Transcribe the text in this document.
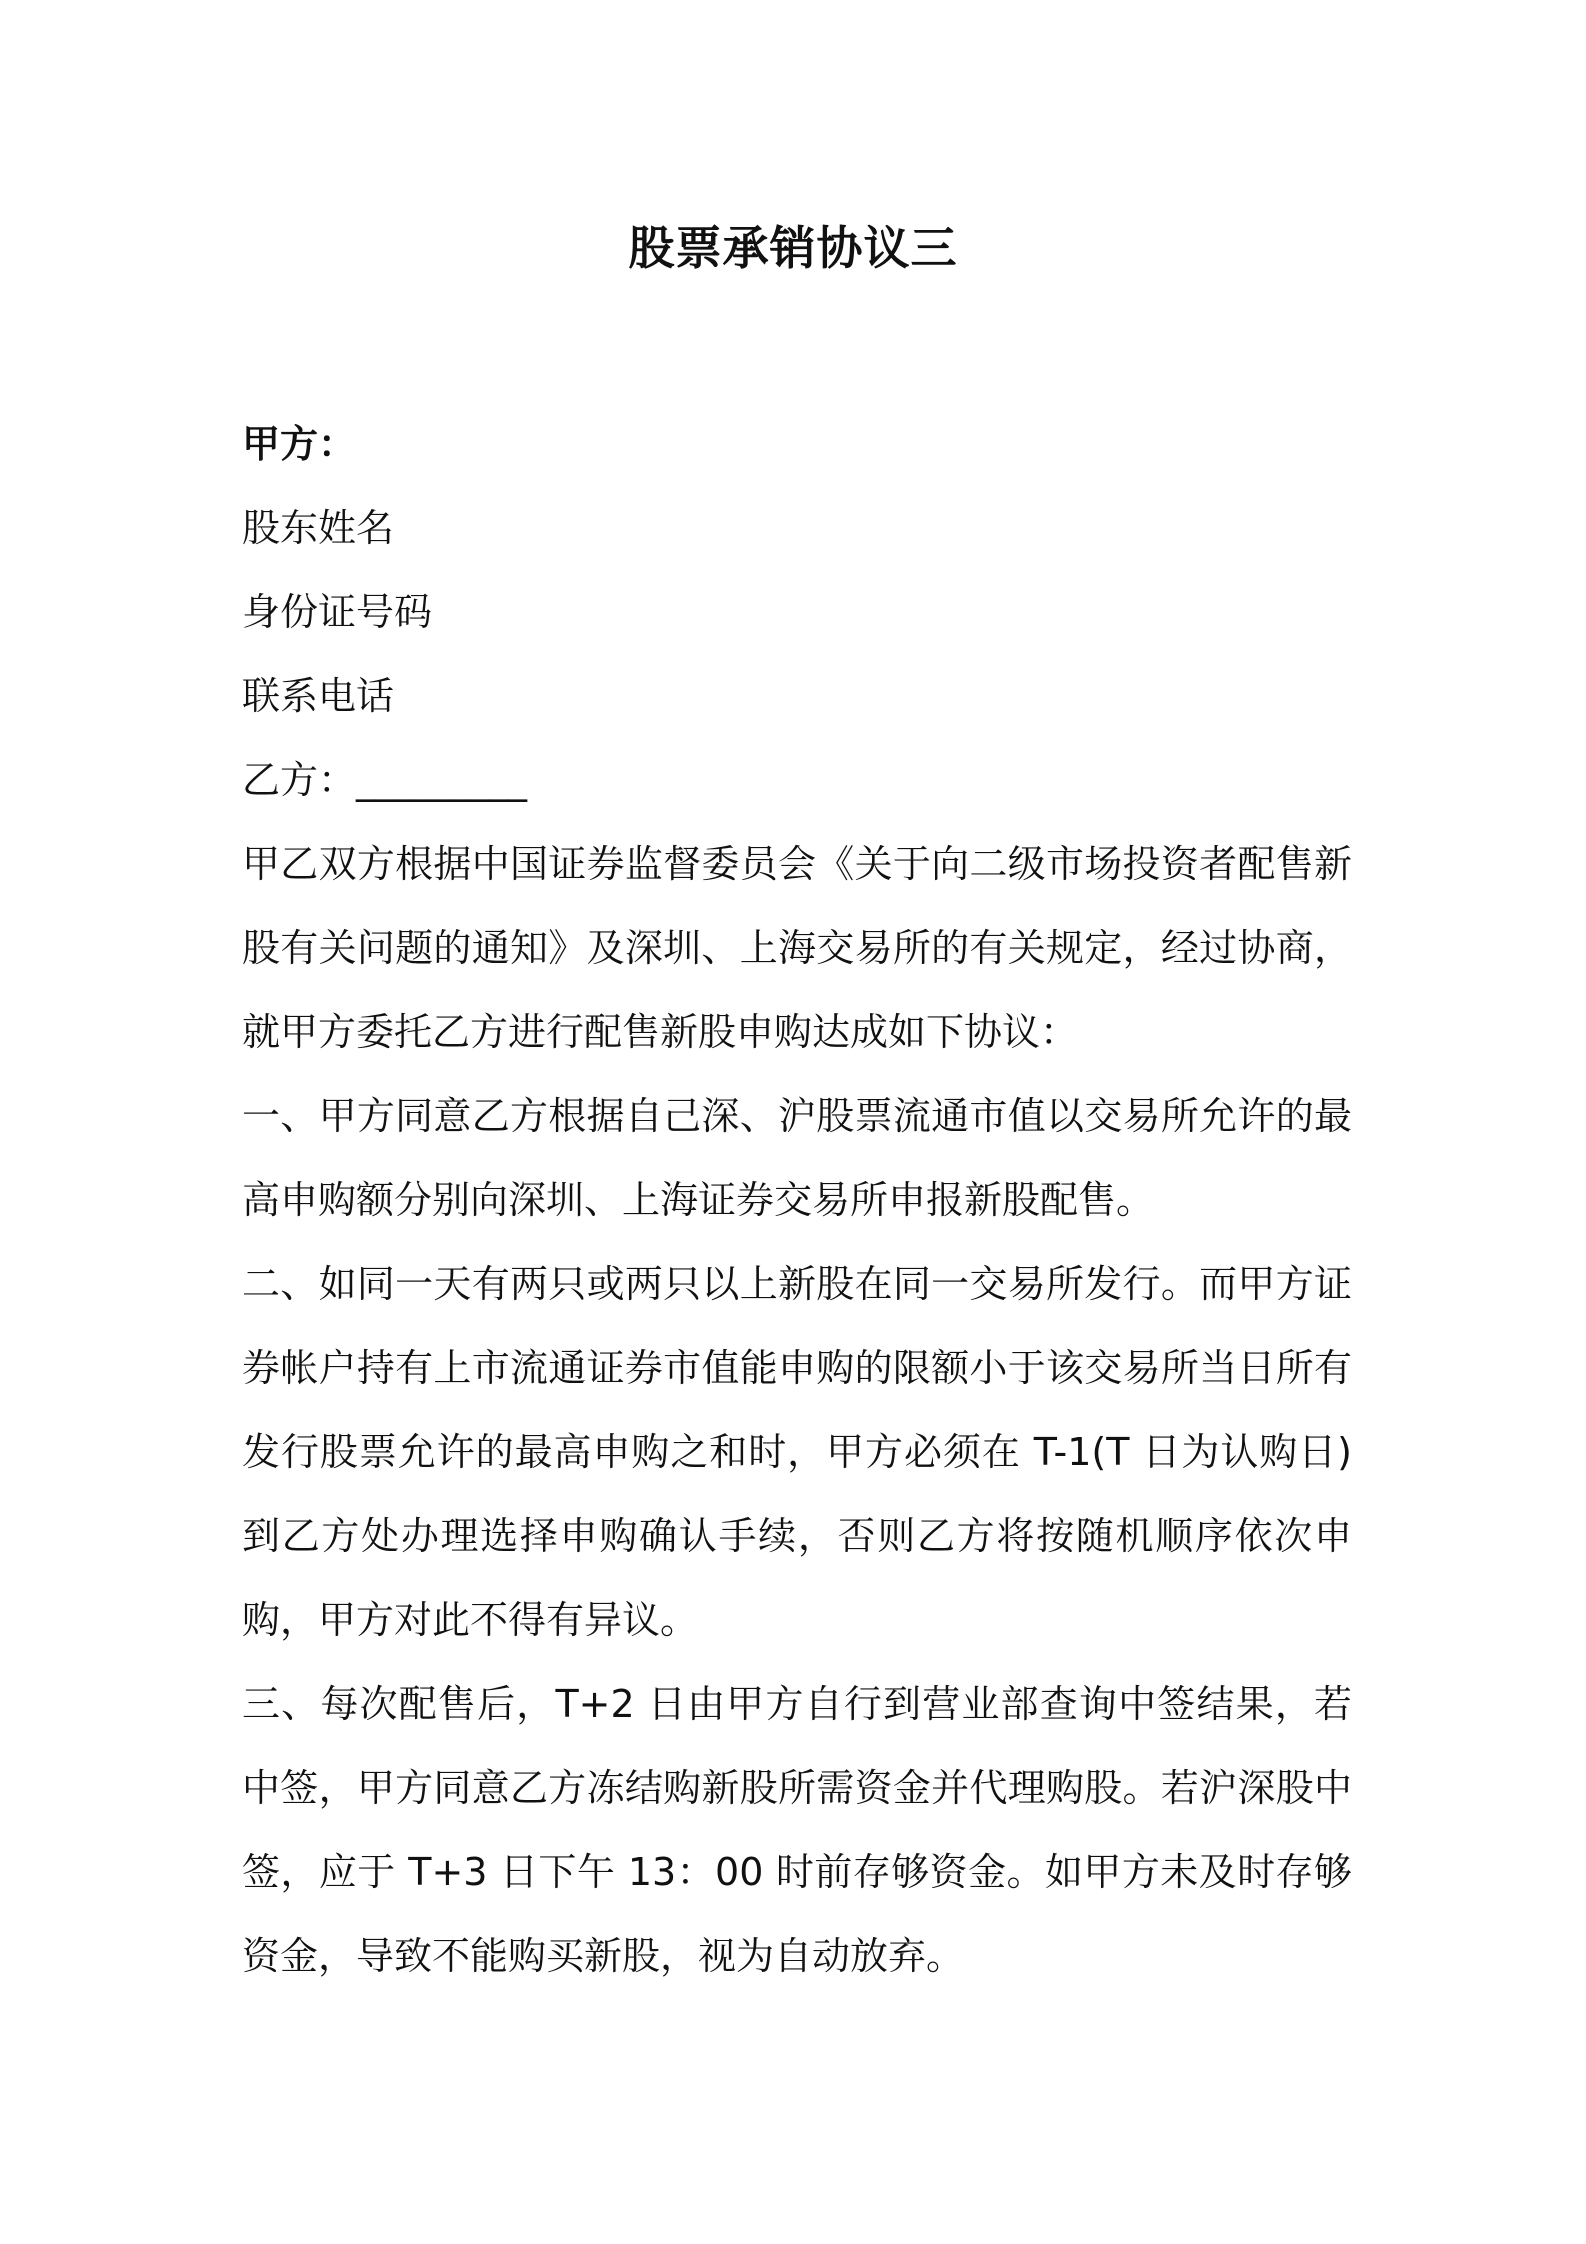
股票承销协议三
甲方：
股东姓名
身份证号码
联系电话
乙方：_________

甲乙双方根据中国证券监督委员会《关于向二级市场投资者配售新股有关问题的通知》及深圳、上海交易所的有关规定，经过协商，就甲方委托乙方进行配售新股申购达成如下协议：

一、甲方同意乙方根据自己深、沪股票流通市值以交易所允许的最高申购额分别向深圳、上海证券交易所申报新股配售。

二、如同一天有两只或两只以上新股在同一交易所发行。而甲方证券帐户持有上市流通证券市值能申购的限额小于该交易所当日所有发行股票允许的最高申购之和时，甲方必须在 T-1(T 日为认购日)到乙方处办理选择申购确认手续，否则乙方将按随机顺序依次申购，甲方对此不得有异议。

三、每次配售后，T+2 日由甲方自行到营业部查询中签结果，若中签，甲方同意乙方冻结购新股所需资金并代理购股。若沪深股中签，应于 T+3 日下午 13：00 时前存够资金。如甲方未及时存够资金，导致不能购买新股，视为自动放弃。
